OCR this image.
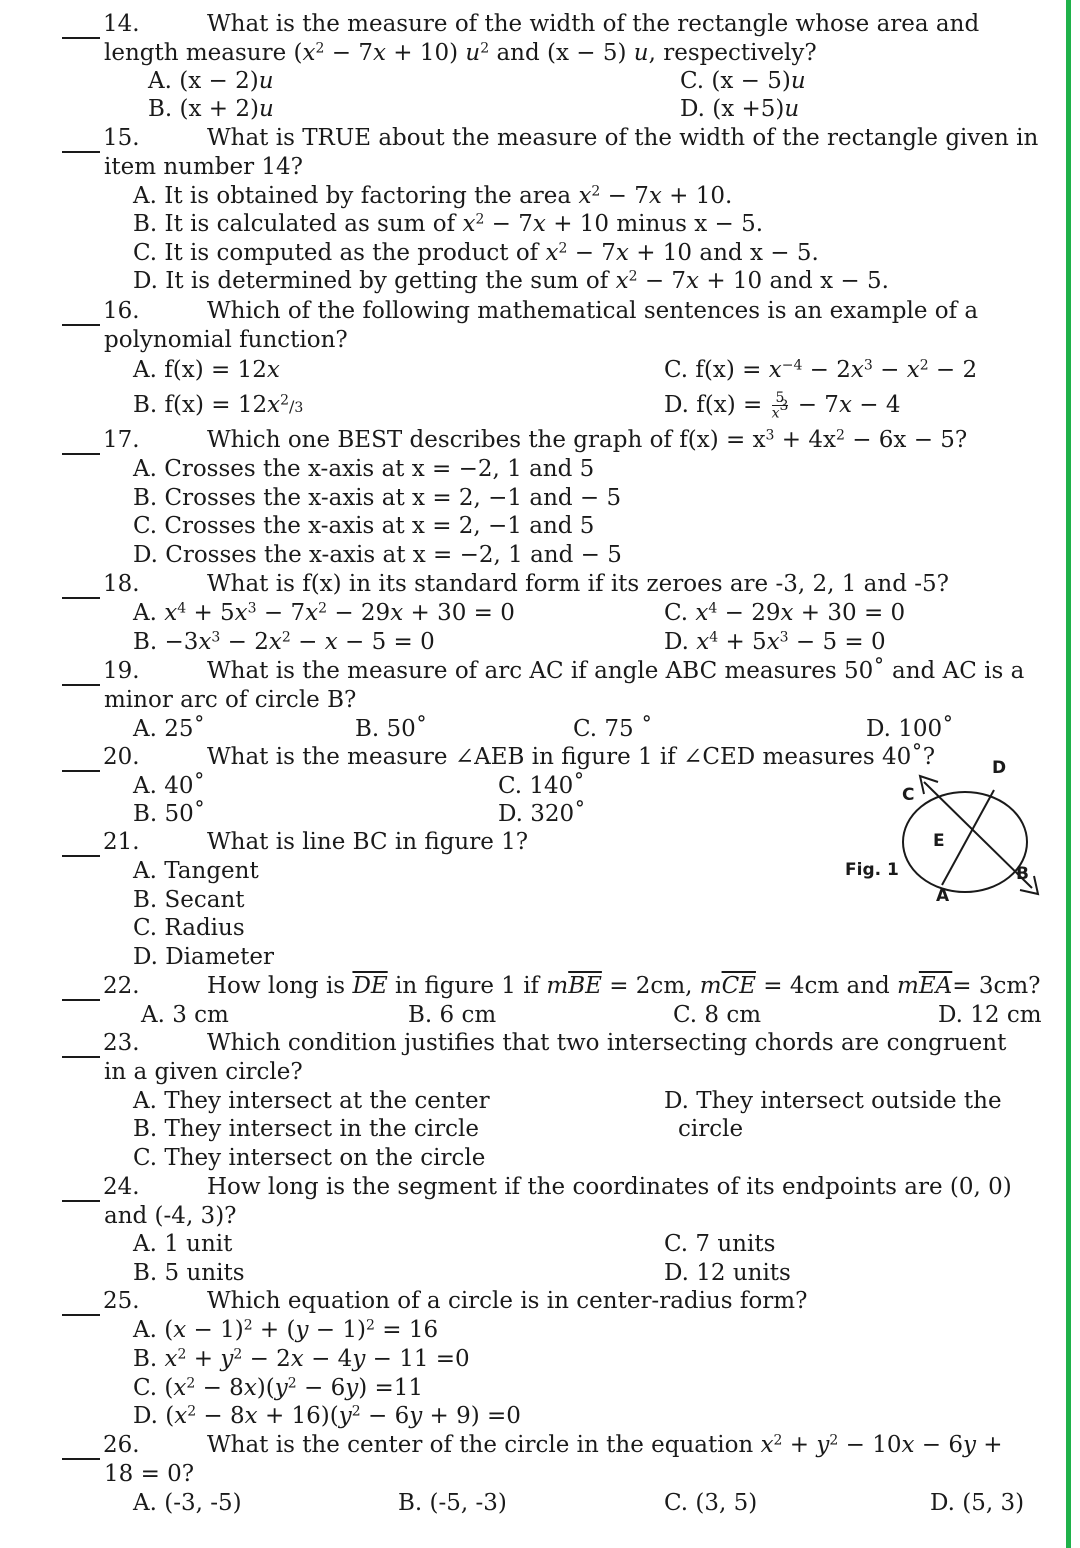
14.	What is the measure of the width of the rectangle whose area and
length measure $(x^2 - 7x + 10)$ $u^2$ and (x − 5) u, respectively?
A. (x − 2)u
B. (x + 2)u
C. (x − 5)u
D. (x +5)u
15.	What is TRUE about the measure of the width of the rectangle given in
item number 14?
A. It is obtained by factoring the area $x^2 - 7x + 10$.
B. It is calculated as sum of $x^2 - 7x + 10$ minus x − 5.
C. It is computed as the product of $x^2 - 7x + 10$ and x − 5.
D. It is determined by getting the sum of $x^2 - 7x + 10$ and x − 5.
16.	Which of the following mathematical sentences is an example of a
polynomial function?
A. f(x) = 12x
B. $f(x) = 12x^2/3$
C. $f(x) = x^{-4} - 2x^3 - x^2 - 2$
D. $f(x) = \frac{5}{x^3} - 7x - 4$
17.	Which one BEST describes the graph of $f(x) = x^3 + 4x^2 - 6x - 5$?
A. Crosses the x-axis at x = −2, 1 and 5
B. Crosses the x-axis at x = 2, −1 and − 5
C. Crosses the x-axis at x = 2, −1 and 5
D. Crosses the x-axis at x = −2, 1 and − 5
18.	What is f(x) in its standard form if its zeroes are -3, 2, 1 and -5?
A. $x^4 + 5x^3 - 7x^2 - 29x + 30 = 0$
B. $-3x^3 - 2x^2 - x - 5 = 0$
C. $x^4 - 29x + 30 = 0$
D. $x^4 + 5x^3 - 5 = 0$
19.	What is the measure of arc AC if angle ABC measures 50˚ and AC is a
minor arc of circle B?
A. 25˚	B. 50˚	C. 75 ˚	D. 100˚
20.	What is the measure ∠AEB in figure 1 if ∠CED measures 40˚?
A. 40˚
B. 50˚
C. 140˚
D. 320˚
D
C
E
B
A
Fig. 1
21.	What is line BC in figure 1?
A. Tangent
B. Secant
C. Radius
D. Diameter
22.	How long is $\overline{DE}$ in figure 1 if $m\overline{BE} = 2cm$, $m\overline{CE} = 4cm$ and $m\overline{EA}= 3cm$?
A. 3 cm	B. 6 cm	C. 8 cm	D. 12 cm
23.	Which condition justifies that two intersecting chords are congruent
in a given circle?
A. They intersect at the center
B. They intersect in the circle
C. They intersect on the circle
D. They intersect outside the
circle
24.	How long is the segment if the coordinates of its endpoints are (0, 0)
and (-4, 3)?
A. 1 unit
B. 5 units
C. 7 units
D. 12 units
25.	Which equation of a circle is in center-radius form?
A. $(x - 1)^2 + (y - 1)^2 = 16$
B. $x^2 + y^2 - 2x - 4y - 11 =0$
C. $(x^2 - 8x)(y^2 - 6y) =11$
D. $(x^2 - 8x + 16)(y^2 - 6y + 9) =0$
26.	What is the center of the circle in the equation $x^2 + y^2 - 10x - 6y$ +
18 = 0?
A. (-3, -5)	B. (-5, -3)	C. (3, 5)	D. (5, 3)
